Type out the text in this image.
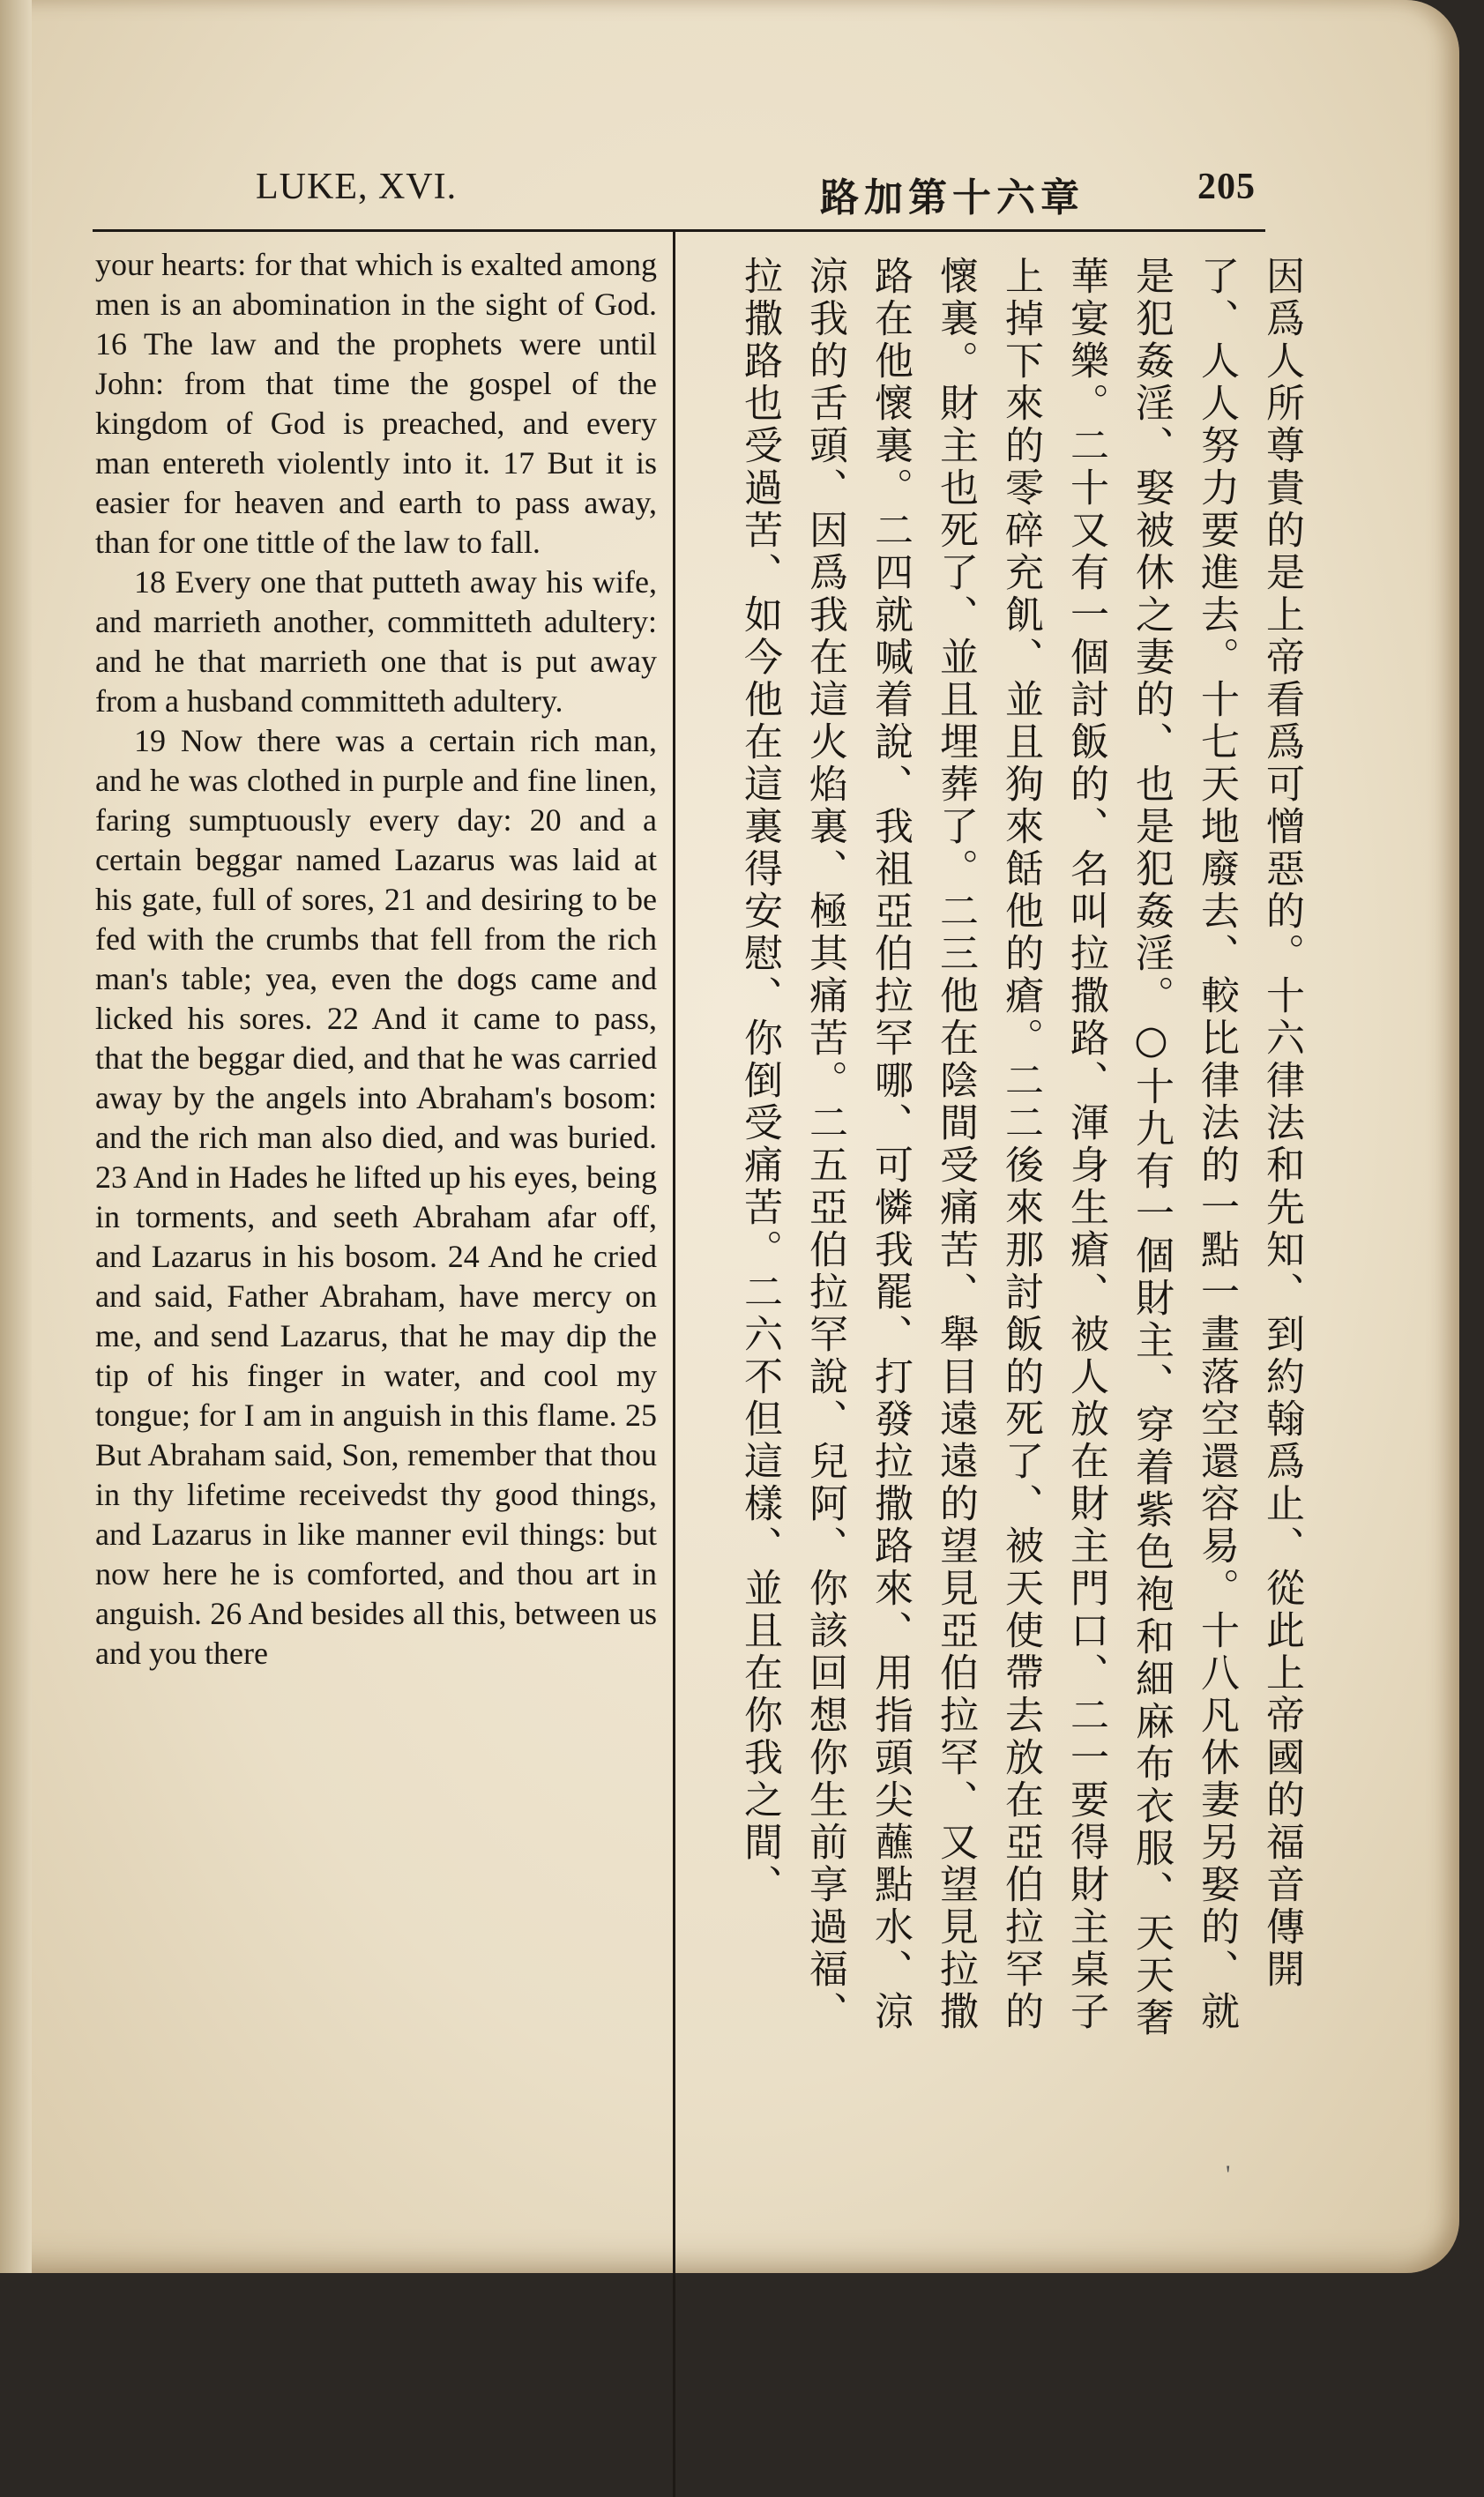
LUKE, XVI.	路加第十六章	205

your hearts: for that which is exalted among men is an abomination in the sight of God. 16 The law and the prophets were until John: from that time the gospel of the kingdom of God is preached, and every man entereth violently into it. 17 But it is easier for heaven and earth to pass away, than for one tittle of the law to fall.

18 Every one that putteth away his wife, and marrieth another, committeth adultery: and he that marrieth one that is put away from a husband committeth adultery.

19 Now there was a certain rich man, and he was clothed in purple and fine linen, faring sumptuously every day: 20 and a certain beggar named Lazarus was laid at his gate, full of sores, 21 and desiring to be fed with the crumbs that fell from the rich man's table; yea, even the dogs came and licked his sores. 22 And it came to pass, that the beggar died, and that he was carried away by the angels into Abraham's bosom: and the rich man also died, and was buried. 23 And in Hades he lifted up his eyes, being in torments, and seeth Abraham afar off, and Lazarus in his bosom. 24 And he cried and said, Father Abraham, have mercy on me, and send Lazarus, that he may dip the tip of his finger in water, and cool my tongue; for I am in anguish in this flame. 25 But Abraham said, Son, remember that thou in thy lifetime receivedst thy good things, and Lazarus in like manner evil things: but now here he is comforted, and thou art in anguish. 26 And besides all this, between us and you there	因爲人所尊貴的是上帝看爲可憎惡的。十六律法和先知、到約翰爲止、從此上帝國的福音傳開了、人人努力要進去。十七天地廢去、較比律法的一點一畫落空還容易。十八凡休妻另娶的、就是犯姦淫、娶被休之妻的、也是犯姦淫。○十九有一個財主、穿着紫色袍和細麻布衣服、天天奢華宴樂。二十又有一個討飯的、名叫拉撒路、渾身生瘡、被人放在財主門口、二一要得財主桌子上掉下來的零碎充飢、並且狗來餂他的瘡。二二後來那討飯的死了、被天使帶去放在亞伯拉罕的懷裏。財主也死了、並且埋葬了。二三他在陰間受痛苦、舉目遠遠的望見亞伯拉罕、又望見拉撒路在他懷裏。二四就喊着說、我祖亞伯拉罕哪、可憐我罷、打發拉撒路來、用指頭尖蘸點水、涼涼我的舌頭、因爲我在這火焰裏、極其痛苦。二五亞伯拉罕說、兒阿、你該回想你生前享過福、拉撒路也受過苦、如今他在這裏得安慰、你倒受痛苦。二六不但這樣、並且在你我之間、
'
